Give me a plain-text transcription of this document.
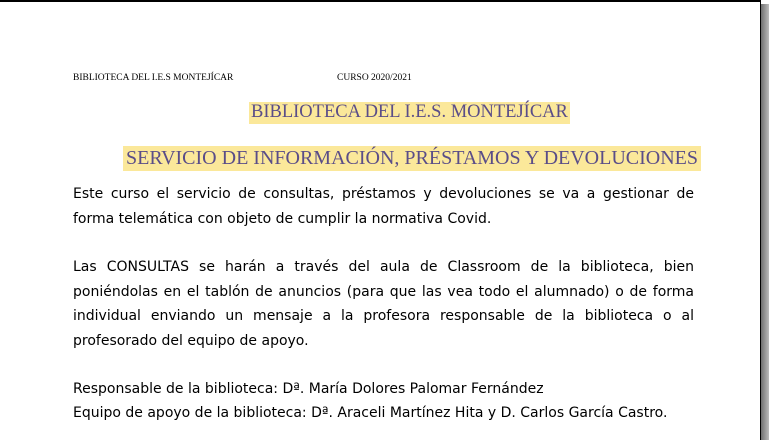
BIBLIOTECA DEL I.E.S MONTEJÍCAR	CURSO 2020/2021
BIBLIOTECA DEL I.E.S. MONTEJÍCAR
SERVICIO DE INFORMACIÓN, PRÉSTAMOS Y DEVOLUCIONES
Este curso el servicio de consultas, préstamos y devoluciones se va a gestionar de forma telemática con objeto de cumplir la normativa Covid.
Las CONSULTAS se harán a través del aula de Classroom de la biblioteca, bien poniéndolas en el tablón de anuncios (para que las vea todo el alumnado) o de forma individual enviando un mensaje a la profesora responsable de la biblioteca o al profesorado del equipo de apoyo.
Responsable de la biblioteca: Dª. María Dolores Palomar Fernández
Equipo de apoyo de la biblioteca: Dª. Araceli Martínez Hita y D. Carlos García Castro.
